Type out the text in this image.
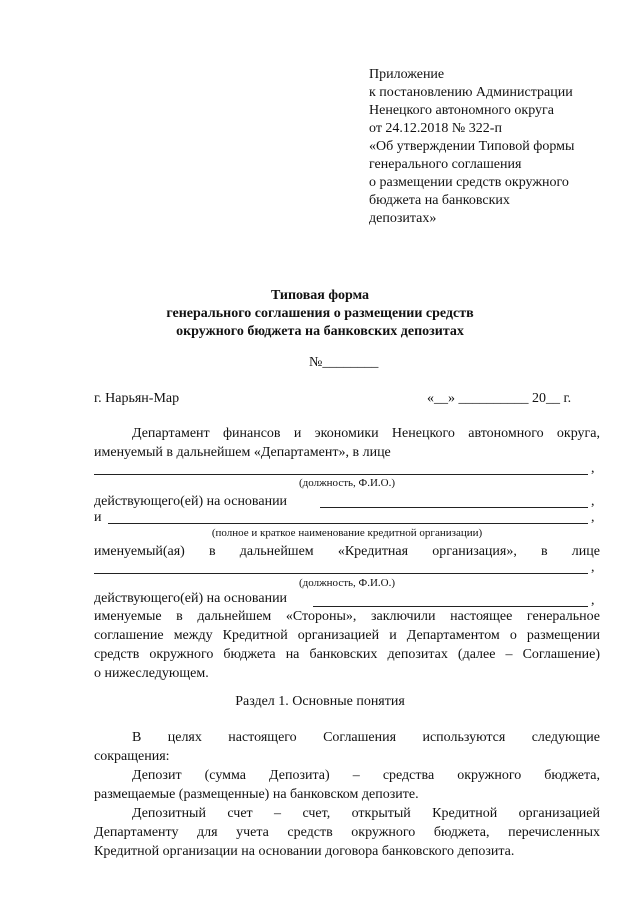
Приложение
к постановлению Администрации
Ненецкого автономного округа
от 24.12.2018 № 322-п
«Об утверждении Типовой формы
генерального соглашения
о размещении средств окружного
бюджета на банковских
депозитах»
Типовая форма
генерального соглашения о размещении средств
окружного бюджета на банковских депозитах
№________
г. Нарьян-Мар	«__» __________ 20__ г.
Департамент финансов и экономики Ненецкого автономного округа,
именуемый в дальнейшем «Департамент», в лице
,
(должность, Ф.И.О.)
действующего(ей) на основании	,
и	,
(полное и краткое наименование кредитной организации)
именуемый(ая) в дальнейшем «Кредитная организация», в лице
,
(должность, Ф.И.О.)
действующего(ей) на основании	,
именуемые в дальнейшем «Стороны», заключили настоящее генеральное
соглашение между Кредитной организацией и Департаментом о размещении
средств окружного бюджета на банковских депозитах (далее – Соглашение)
о нижеследующем.
Раздел 1. Основные понятия
В целях настоящего Соглашения используются следующие
сокращения:
Депозит (сумма Депозита) – средства окружного бюджета,
размещаемые (размещенные) на банковском депозите.
Депозитный счет – счет, открытый Кредитной организацией
Департаменту для учета средств окружного бюджета, перечисленных
Кредитной организации на основании договора банковского депозита.
